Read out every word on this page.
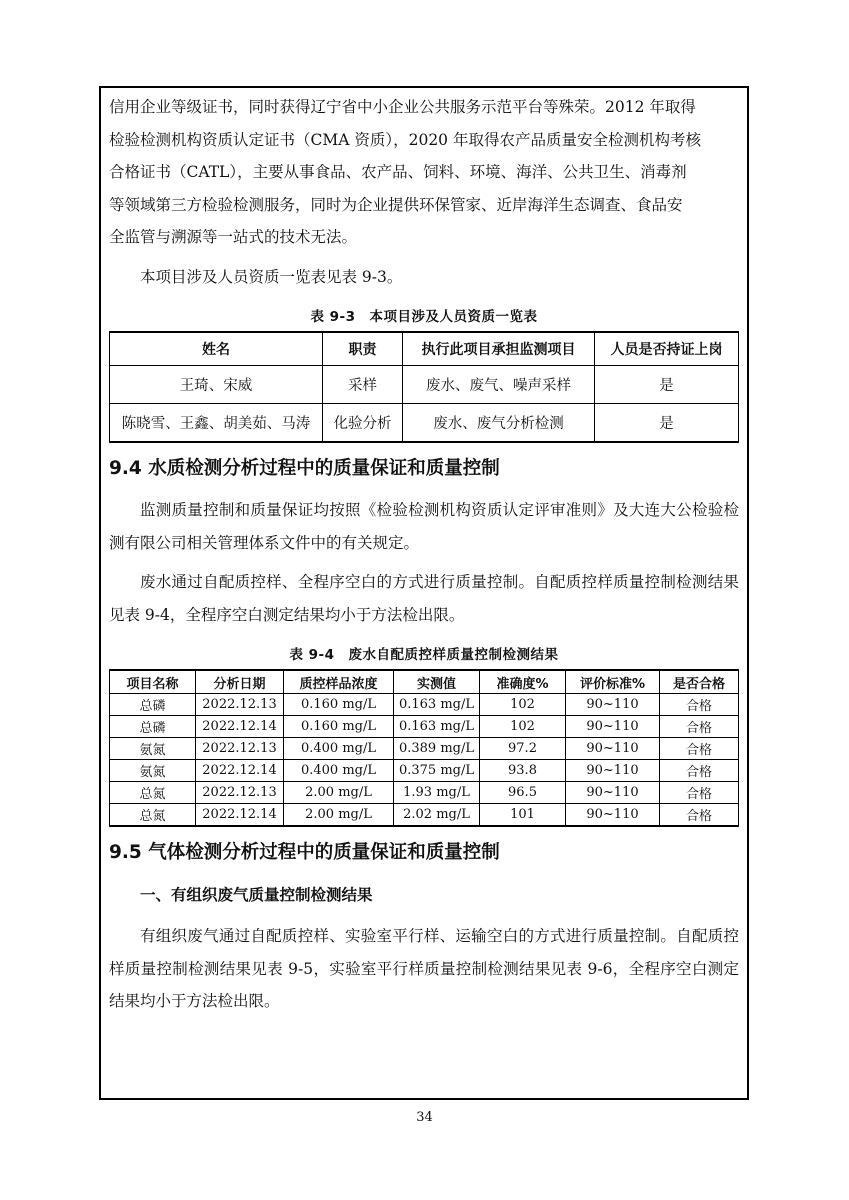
信用企业等级证书，同时获得辽宁省中小企业公共服务示范平台等殊荣。2012 年取得

检验检测机构资质认定证书（CMA 资质），2020 年取得农产品质量安全检测机构考核

合格证书（CATL），主要从事食品、农产品、饲料、环境、海洋、公共卫生、消毒剂

等领域第三方检验检测服务，同时为企业提供环保管家、近岸海洋生态调查、食品安

全监管与溯源等一站式的技术无法。

本项目涉及人员资质一览表见表 9-3。

表 9-3 本项目涉及人员资质一览表
姓名	职责	执行此项目承担监测项目	人员是否持证上岗
王琦、宋威	采样	废水、废气、噪声采样	是
陈晓雪、王鑫、胡美茹、马涛	化验分析	废水、废气分析检测	是
9.4 水质检测分析过程中的质量保证和质量控制

监测质量控制和质量保证均按照《检验检测机构资质认定评审准则》及大连大公检验检测有限公司相关管理体系文件中的有关规定。

废水通过自配质控样、全程序空白的方式进行质量控制。自配质控样质量控制检测结果见表 9-4，全程序空白测定结果均小于方法检出限。

表 9-4 废水自配质控样质量控制检测结果
项目名称	分析日期	质控样品浓度	实测值	准确度%	评价标准%	是否合格
总磷	2022.12.13	0.160 mg/L	0.163 mg/L	102	90~110	合格
总磷	2022.12.14	0.160 mg/L	0.163 mg/L	102	90~110	合格
氨氮	2022.12.13	0.400 mg/L	0.389 mg/L	97.2	90~110	合格
氨氮	2022.12.14	0.400 mg/L	0.375 mg/L	93.8	90~110	合格
总氮	2022.12.13	2.00 mg/L	1.93 mg/L	96.5	90~110	合格
总氮	2022.12.14	2.00 mg/L	2.02 mg/L	101	90~110	合格
9.5 气体检测分析过程中的质量保证和质量控制
一、有组织废气质量控制检测结果

有组织废气通过自配质控样、实验室平行样、运输空白的方式进行质量控制。自配质控样质量控制检测结果见表 9-5，实验室平行样质量控制检测结果见表 9-6，全程序空白测定结果均小于方法检出限。

34
